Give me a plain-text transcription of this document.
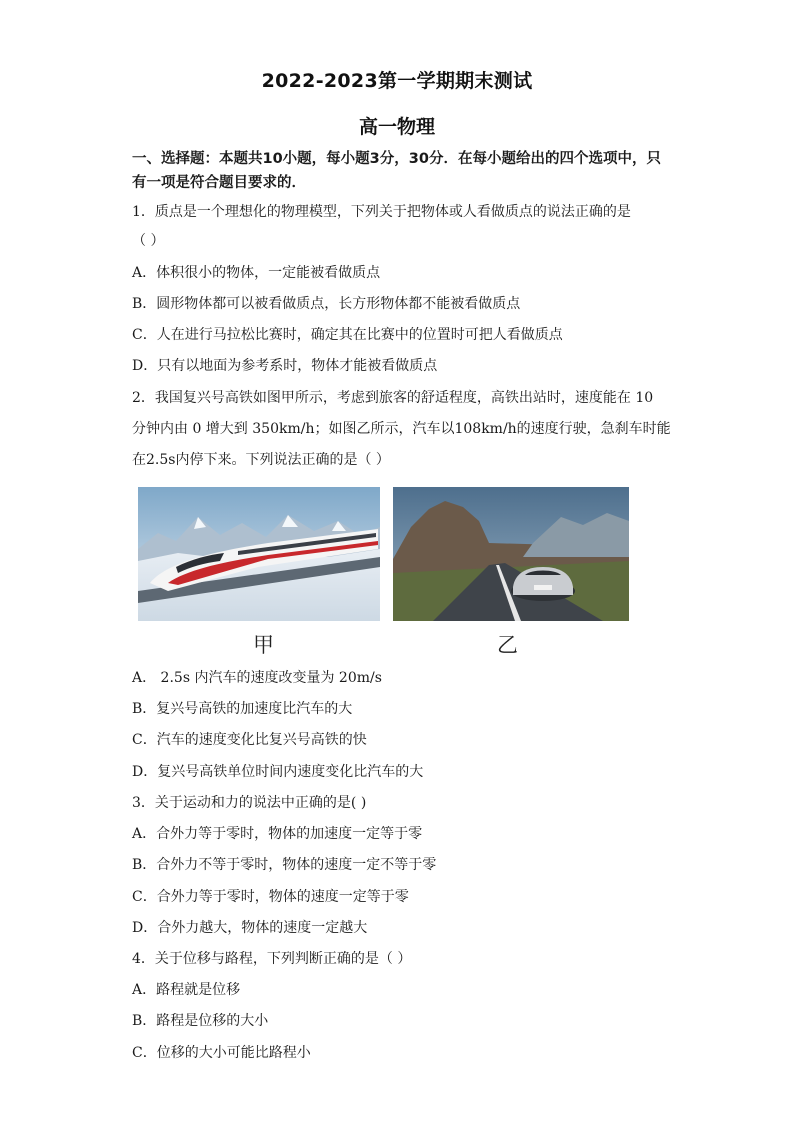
2022-2023第一学期期末测试
高一物理
一、选择题：本题共10小题，每小题3分，30分．在每小题给出的四个选项中，只
有一项是符合题目要求的．
1．质点是一个理想化的物理模型，下列关于把物体或人看做质点的说法正确的是
（ ）
A．体积很小的物体，一定能被看做质点
B．圆形物体都可以被看做质点，长方形物体都不能被看做质点
C．人在进行马拉松比赛时，确定其在比赛中的位置时可把人看做质点
D．只有以地面为参考系时，物体才能被看做质点
2．我国复兴号高铁如图甲所示，考虑到旅客的舒适程度，高铁出站时，速度能在 10
分钟内由 0 增大到 350km/h；如图乙所示，汽车以108km/h的速度行驶，急刹车时能
在2.5s内停下来。下列说法正确的是（ ）
甲	乙
A． 2.5s 内汽车的速度改变量为 20m/s
B．复兴号高铁的加速度比汽车的大
C．汽车的速度变化比复兴号高铁的快
D．复兴号高铁单位时间内速度变化比汽车的大
3．关于运动和力的说法中正确的是( )
A．合外力等于零时，物体的加速度一定等于零
B．合外力不等于零时，物体的速度一定不等于零
C．合外力等于零时，物体的速度一定等于零
D．合外力越大，物体的速度一定越大
4．关于位移与路程，下列判断正确的是（ ）
A．路程就是位移
B．路程是位移的大小
C．位移的大小可能比路程小
